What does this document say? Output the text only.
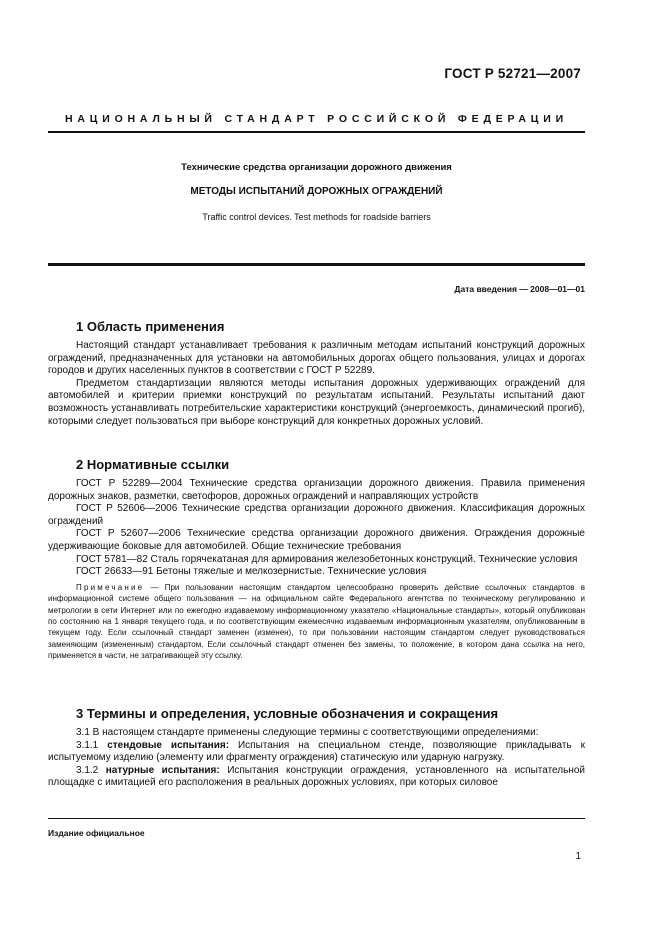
ГОСТ Р 52721—2007
НАЦИОНАЛЬНЫЙ СТАНДАРТ РОССИЙСКОЙ ФЕДЕРАЦИИ
Технические средства организации дорожного движения
МЕТОДЫ ИСПЫТАНИЙ ДОРОЖНЫХ ОГРАЖДЕНИЙ
Traffic control devices. Test methods for roadside barriers
Дата введения — 2008—01—01
1 Область применения

Настоящий стандарт устанавливает требования к различным методам испытаний конструкций дорожных ограждений, предназначенных для установки на автомобильных дорогах общего пользования, улицах и дорогах городов и других населенных пунктов в соответствии с ГОСТ Р 52289.

Предметом стандартизации являются методы испытания дорожных удерживающих ограждений для автомобилей и критерии приемки конструкций по результатам испытаний. Результаты испытаний дают возможность устанавливать потребительские характеристики конструкций (энергоемкость, динамический прогиб), которыми следует пользоваться при выборе конструкций для конкретных дорожных условий.

2 Нормативные ссылки

ГОСТ Р 52289—2004 Технические средства организации дорожного движения. Правила применения дорожных знаков, разметки, светофоров, дорожных ограждений и направляющих устройств

ГОСТ Р 52606—2006 Технические средства организации дорожного движения. Классификация дорожных ограждений

ГОСТ Р 52607—2006 Технические средства организации дорожного движения. Ограждения дорожные удерживающие боковые для автомобилей. Общие технические требования

ГОСТ 5781—82 Сталь горячекатаная для армирования железобетонных конструкций. Технические условия

ГОСТ 26633—91 Бетоны тяжелые и мелкозернистые. Технические условия

Примечание — При пользовании настоящим стандартом целесообразно проверить действие ссылочных стандартов в информационной системе общего пользования — на официальном сайте Федерального агентства по техническому регулированию и метрологии в сети Интернет или по ежегодно издаваемому информационному указателю «Национальные стандарты», который опубликован по состоянию на 1 января текущего года, и по соответствующим ежемесячно издаваемым информационным указателям, опубликованным в текущем году. Если ссылочный стандарт заменен (изменен), то при пользовании настоящим стандартом следует руководствоваться заменяющим (измененным) стандартом. Если ссылочный стандарт отменен без замены, то положение, в котором дана ссылка на него, применяется в части, не затрагивающей эту ссылку.
3 Термины и определения, условные обозначения и сокращения

3.1 В настоящем стандарте применены следующие термины с соответствующими определениями:

3.1.1 стендовые испытания: Испытания на специальном стенде, позволяющие прикладывать к испытуемому изделию (элементу или фрагменту ограждения) статическую или ударную нагрузку.

3.1.2 натурные испытания: Испытания конструкции ограждения, установленного на испытательной площадке с имитацией его расположения в реальных дорожных условиях, при которых силовое

Издание официальное
1
